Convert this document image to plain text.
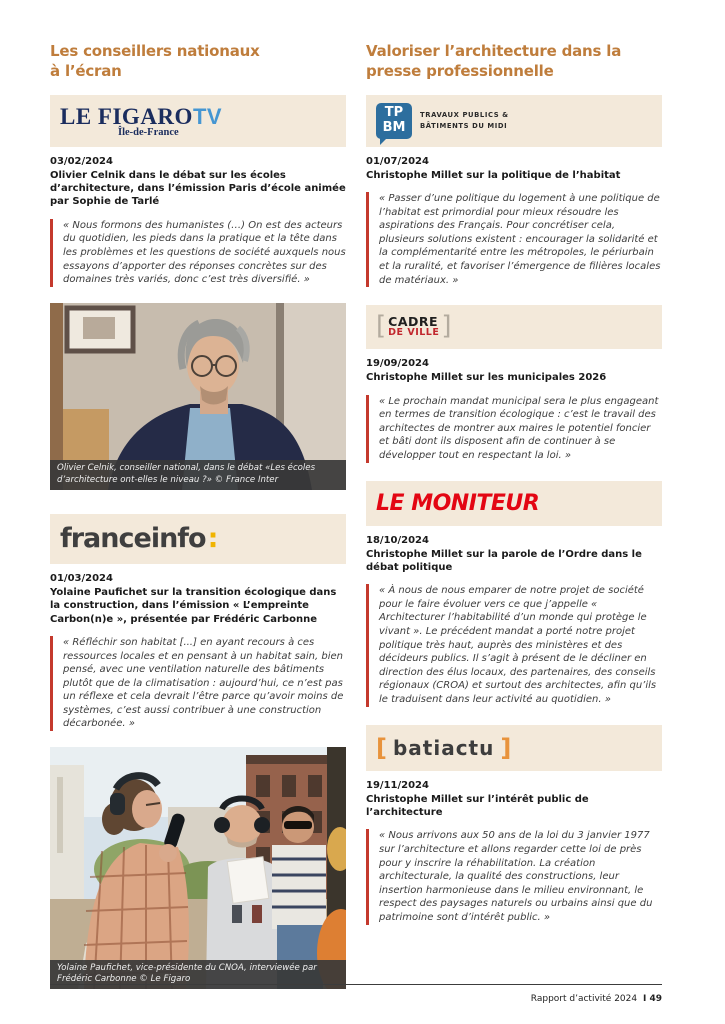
Les conseillers nationaux
à l’écran
LE FIGAROTV
Île-de-France
03/02/2024
Olivier Celnik dans le débat sur les écoles d’architecture, dans l’émission Paris d’école animée par Sophie de Tarlé
« Nous formons des humanistes (…) On est des acteurs du quotidien, les pieds dans la pratique et la tête dans les problèmes et les questions de société auxquels nous essayons d’apporter des réponses concrètes sur des domaines très variés, donc c’est très diversifié. »
Olivier Celnik, conseiller national, dans le débat «Les écoles d’architecture ont-elles le niveau ?» © France Inter
franceinfo :
01/03/2024
Yolaine Paufichet sur la transition écologique dans la construction, dans l’émission « L’empreinte Carbon(n)e », présentée par Frédéric Carbonne
« Réfléchir son habitat [...] en ayant recours à ces ressources locales et en pensant à un habitat sain, bien pensé, avec une ventilation naturelle des bâtiments plutôt que de la climatisation : aujourd’hui, ce n’est pas un réflexe et cela devrait l’être parce qu’avoir moins de systèmes, c’est aussi contribuer à une construction décarbonée. »
Yolaine Paufichet, vice-présidente du CNOA, interviewée par Frédéric Carbonne © Le Figaro
Valoriser l’architecture dans la
presse professionnelle
TP
BM
TRAVAUX PUBLICS &
BÂTIMENTS DU MIDI
01/07/2024
Christophe Millet sur la politique de l’habitat
« Passer d’une politique du logement à une politique de l’habitat est primordial pour mieux résoudre les aspirations des Français. Pour concrétiser cela, plusieurs solutions existent : encourager la solidarité et la complémentarité entre les métropoles, le périurbain et la ruralité, et favoriser l’émergence de filières locales de matériaux. »
[ CADRE
DE VILLE ]
19/09/2024
Christophe Millet sur les municipales 2026
« Le prochain mandat municipal sera le plus engageant en termes de transition écologique : c’est le travail des architectes de montrer aux maires le potentiel foncier et bâti dont ils disposent afin de continuer à se développer tout en respectant la loi. »
LE MONITEUR
18/10/2024
Christophe Millet sur la parole de l’Ordre dans le débat politique
« À nous de nous emparer de notre projet de société pour le faire évoluer vers ce que j’appelle « Architecturer l’habitabilité d’un monde qui protège le vivant ». Le précédent mandat a porté notre projet politique très haut, auprès des ministères et des décideurs publics. Il s’agit à présent de le décliner en direction des élus locaux, des partenaires, des conseils régionaux (CROA) et surtout des architectes, afin qu’ils le traduisent dans leur activité au quotidien. »
[ batiactu ]
19/11/2024
Christophe Millet sur l’intérêt public de l’architecture
« Nous arrivons aux 50 ans de la loi du 3 janvier 1977 sur l’architecture et allons regarder cette loi de près pour y inscrire la réhabilitation. La création architecturale, la qualité des constructions, leur insertion harmonieuse dans le milieu environnant, le respect des paysages naturels ou urbains ainsi que du patrimoine sont d’intérêt public. »
Rapport d’activité 2024 I 49
